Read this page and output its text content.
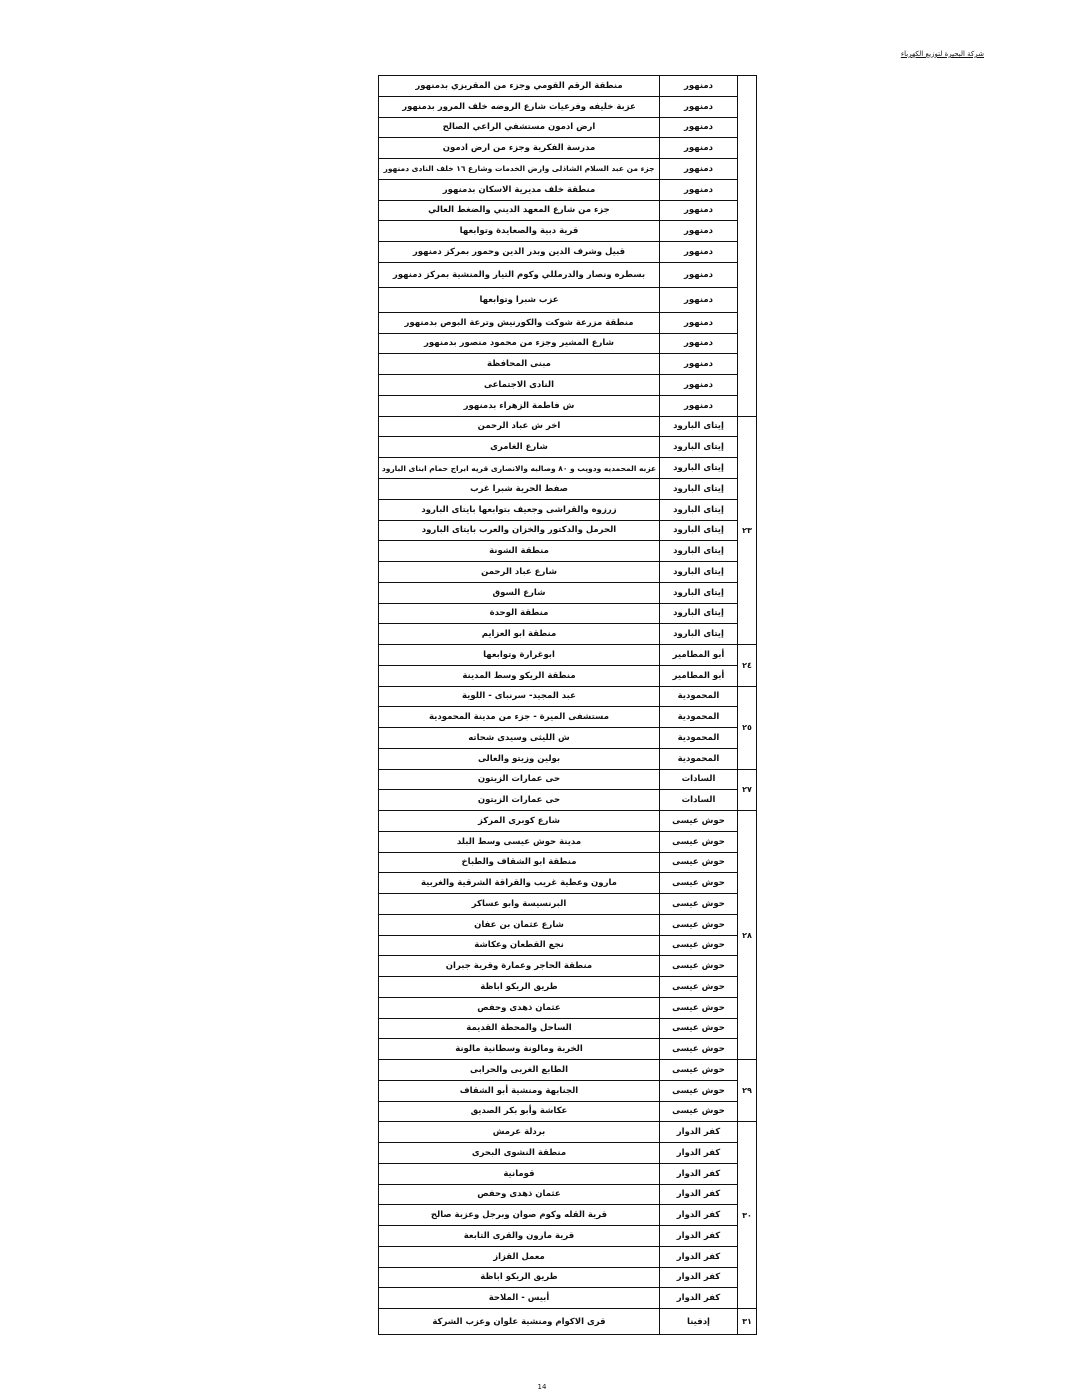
شركة البحيرة لتوزيع الكهرباء
	دمنهور	منطقة الرقم القومي وجزء من المقريزي بدمنهور
	دمنهور	عزبة خليفه وفرعيات شارع الروضه خلف المرور بدمنهور
	دمنهور	ارض ادمون مستشفي الراعي الصالح
	دمنهور	مدرسة الفكرية وجزء من ارض ادمون
	دمنهور	جزء من عبد السلام الشاذلى وارض الخدمات وشارع ١٦ خلف النادى دمنهور
	دمنهور	منطقة خلف مديرية الاسكان بدمنهور
	دمنهور	جزء من شارع المعهد الديني والضغط العالي
	دمنهور	قرية دبية والصعايدة وتوابعها
	دمنهور	قبيل وشرف الدين وبدر الدين وحمور بمركز دمنهور
	دمنهور	بسطره ونصار والدرمللي وكوم التيار والمنشية بمركز دمنهور
	دمنهور	عزب شبرا وتوابعها
	دمنهور	منطقة مزرعة شوكت والكورنيش وترعة البوص بدمنهور
	دمنهور	شارع المشير وجزء من محمود منصور بدمنهور
	دمنهور	مبنى المحافظة
	دمنهور	النادى الاجتماعى
	دمنهور	ش فاطمة الزهراء بدمنهور
٢٣	إيتاى البارود	اخر ش عباد الرحمن
	إيتاى البارود	شارع الغامرى
	إيتاى البارود	عزبه المحمديه ودويب و ٨٠ وصالبه والانصارى قريه ابراج حمام ابناى البارود
	إيتاى البارود	صفط الحرية شبرا غرب
	إيتاى البارود	زرزوه والقراشى وجعيف بتوابعها بايتاى البارود
	إيتاى البارود	الحرمل والدكتور والخزان والعرب بايتاى البارود
	إيتاى البارود	منطقة الشونة
	إيتاى البارود	شارع عباد الرحمن
	إيتاى البارود	شارع السوق
	إيتاى البارود	منطقة الوحدة
	إيتاى البارود	منطقة ابو العزايم
٢٤	أبو المطامير	ابوغرارة وتوابعها
	أبو المطامير	منطقة الريكو وسط المدينة
٢٥	المحمودية	عبد المجيد- سرنباى - اللوية
	المحمودية	مستشفى الميرة - جزء من مدينة المحمودية
	المحمودية	ش الليثى وسيدى شحاته
	المحمودية	بولين وزيتو والعالى
٢٧	السادات	حى عمارات الزيتون
	السادات	حى عمارات الزيتون
٢٨	حوش عيسى	شارع كوبرى المركز
	حوش عيسى	مدينة حوش عيسى وسط البلد
	حوش عيسى	منطقة ابو الشقاف والطباخ
	حوش عيسى	مارون وعطية غريب والقراقة الشرقية والغربية
	حوش عيسى	البرنسيسة وابو عساكر
	حوش عيسى	شارع عثمان بن عفان
	حوش عيسى	نجع القطعان وعكاشة
	حوش عيسى	منطقة الحاجر وعمارة وقرية جبران
	حوش عيسى	طريق الريكو اباظة
	حوش عيسى	عثمان ذهدى وحفص
	حوش عيسى	الساحل والمحطة القديمة
	حوش عيسى	الخربة ومالونة وسطانية مالونة
٢٩	حوش عيسى	الطابع الغربى والحرابى
	حوش عيسى	الجنابهة ومنشية أبو الشقاف
	حوش عيسى	عكاشة وأبو بكر الصديق
٣٠	كفر الدوار	بردلة عرمش
	كفر الدوار	منطقة النشوى البحرى
	كفر الدوار	قومانية
	كفر الدوار	عثمان ذهدى وحفص
	كفر الدوار	قرية القله وكوم صوان وبرجل وعزبة صالح
	كفر الدوار	قرية مارون والقرى التابعة
	كفر الدوار	معمل القزاز
	كفر الدوار	طريق الريكو اباظة
	كفر الدوار	أبيس - الملاحة
٣١	إدفينا	قرى الاكوام ومنشية علوان وعزب الشركة
14
